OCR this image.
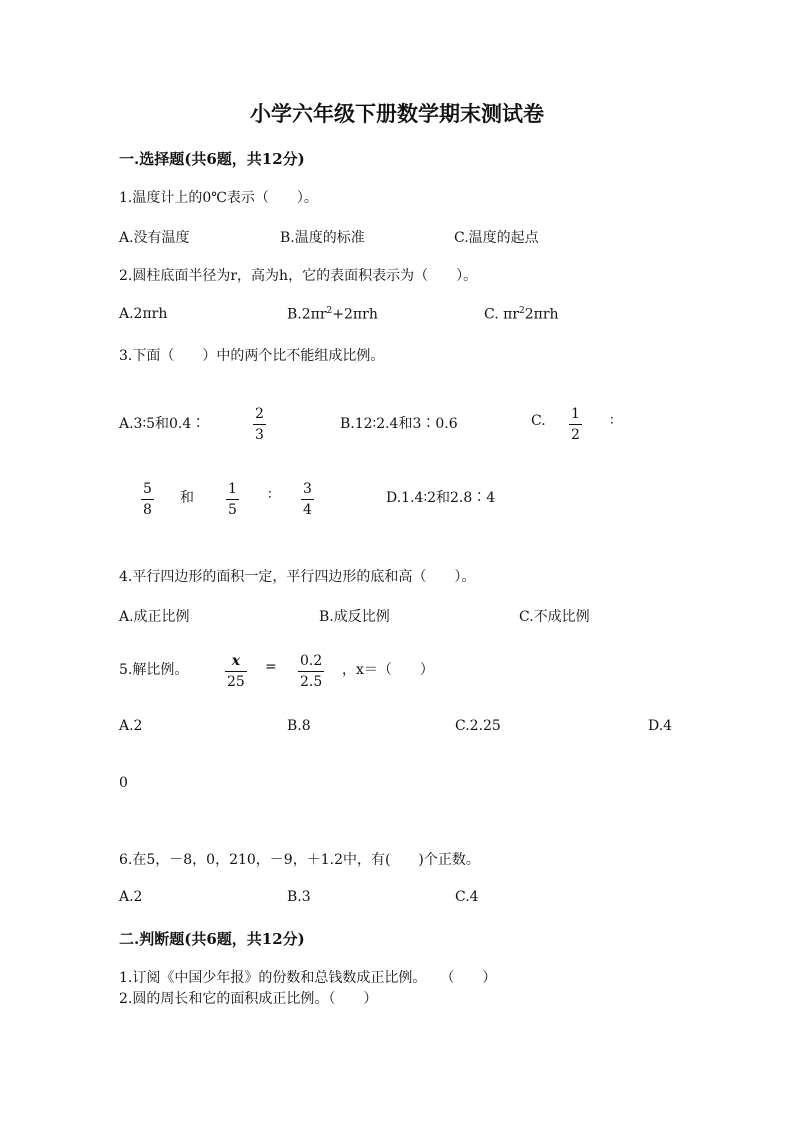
小学六年级下册数学期末测试卷
一.选择题(共6题，共12分)
1.温度计上的0℃表示（　　）。
A.没有温度	B.温度的标准	C.温度的起点
2.圆柱底面半径为r，高为h，它的表面积表示为（　　）。
A.2πrh	$B.2\pi r^2+2\pi rh$	C. $\pi r^22\pi rh$
3.下面（　　）中的两个比不能组成比例。
A.3∶5和0.4∶
2
3
B.12∶2.4和3∶0.6	C. 1
2
∶
5
8
和
1
5
∶ 3
4
D.1.4∶2和2.8∶4
4.平行四边形的面积一定，平行四边形的底和高（　　）。
A.成正比例	B.成反比例	C.不成比例
5.解比例。
x
25
= 0.2
2.5
，x＝（　　）
A.2	B.8	C.2.25	D.4
0
6.在5，－8，0，210，－9，＋1.2中，有(　　)个正数。
A.2	B.3	C.4
二.判断题(共6题，共12分)
1.订阅《中国少年报》的份数和总钱数成正比例。　　（　　）
2.圆的周长和它的面积成正比例。（　　）
